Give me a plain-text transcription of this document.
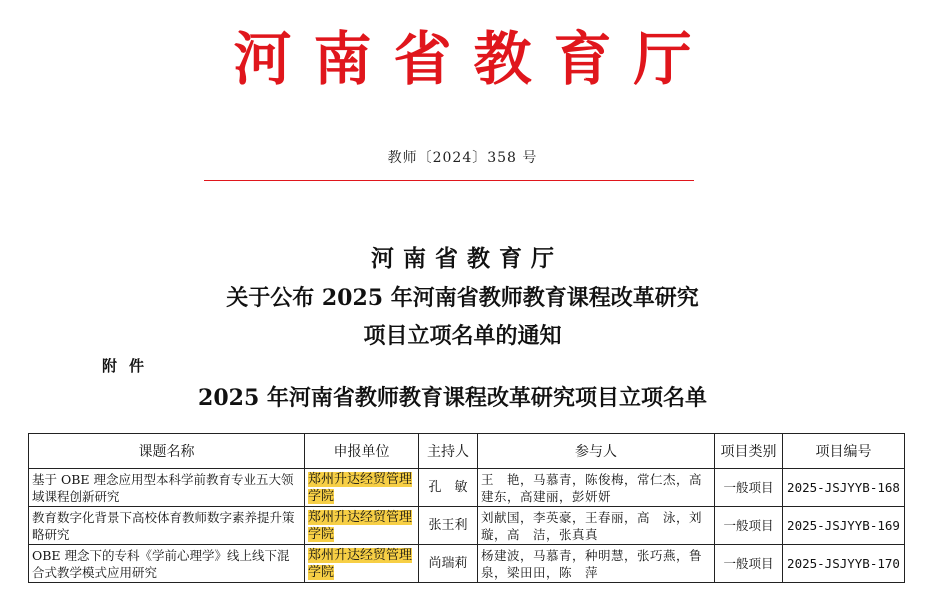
河南省教育厅
教师〔2024〕358 号
河南省教育厅
关于公布 2025 年河南省教师教育课程改革研究
项目立项名单的通知
附件
2025 年河南省教师教育课程改革研究项目立项名单
课题名称	申报单位	主持人	参与人	项目类别	项目编号
基于 OBE 理念应用型本科学前教育专业五大领域课程创新研究	郑州升达经贸管理学院	孔　敏	王　艳，马慕青，陈俊梅，常仁杰，高建东，高建丽，彭妍妍	一般项目	2025-JSJYYB-168
教育数字化背景下高校体育教师数字素养提升策略研究	郑州升达经贸管理学院	张王利	刘献国，李英豪，王春丽，高　泳，刘　璇，高　洁，张真真	一般项目	2025-JSJYYB-169
OBE 理念下的专科《学前心理学》线上线下混合式教学模式应用研究	郑州升达经贸管理学院	尚瑞莉	杨建波，马慕青，种明慧，张巧燕，鲁　泉，梁田田，陈　萍	一般项目	2025-JSJYYB-170
